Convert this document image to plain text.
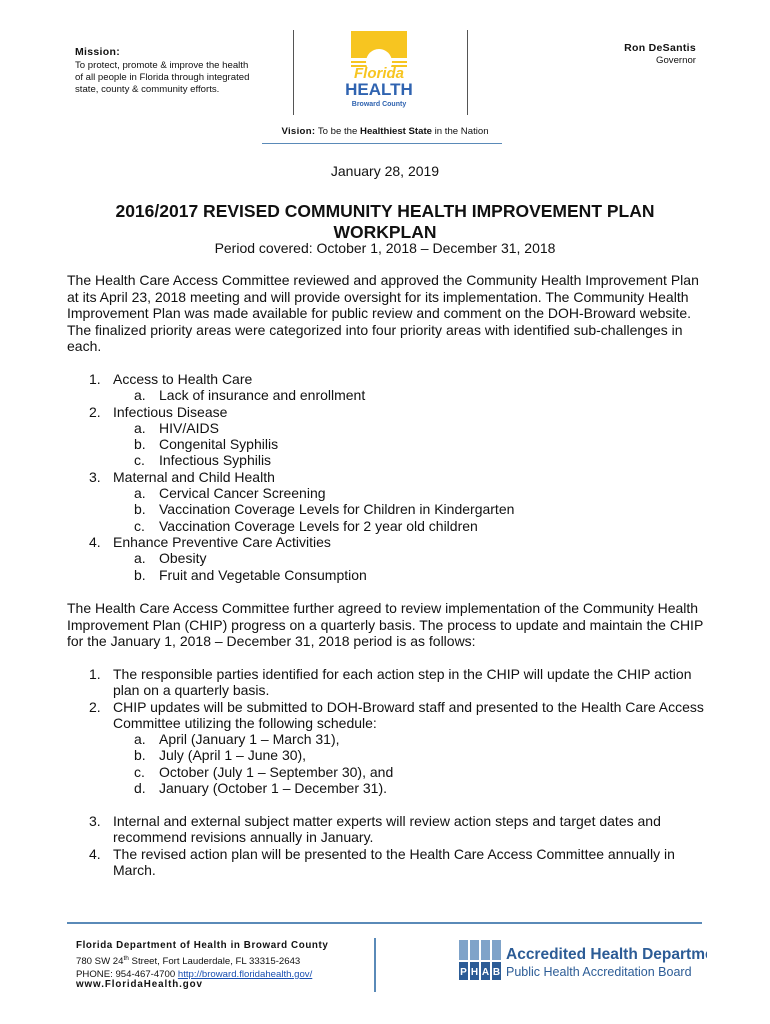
Mission:
To protect, promote & improve the health of all people in Florida through integrated state, county & community efforts.
Florida
HEALTH
Broward County
Ron DeSantis
Governor
Vision: To be the Healthiest State in the Nation
January 28, 2019
2016/2017 REVISED COMMUNITY HEALTH IMPROVEMENT PLAN
WORKPLAN
Period covered: October 1, 2018 – December 31, 2018
The Health Care Access Committee reviewed and approved the Community Health Improvement Plan
at its April 23, 2018 meeting and will provide oversight for its implementation. The Community Health
Improvement Plan was made available for public review and comment on the DOH-Broward website.
The finalized priority areas were categorized into four priority areas with identified sub-challenges in
each.
1. Access to Health Care
a. Lack of insurance and enrollment
2. Infectious Disease
a. HIV/AIDS
b. Congenital Syphilis
c. Infectious Syphilis
3. Maternal and Child Health
a. Cervical Cancer Screening
b. Vaccination Coverage Levels for Children in Kindergarten
c. Vaccination Coverage Levels for 2 year old children
4. Enhance Preventive Care Activities
a. Obesity
b. Fruit and Vegetable Consumption
The Health Care Access Committee further agreed to review implementation of the Community Health
Improvement Plan (CHIP) progress on a quarterly basis. The process to update and maintain the CHIP
for the January 1, 2018 – December 31, 2018 period is as follows:
1. The responsible parties identified for each action step in the CHIP will update the CHIP action
plan on a quarterly basis.
2. CHIP updates will be submitted to DOH-Broward staff and presented to the Health Care Access
Committee utilizing the following schedule:
a. April (January 1 – March 31),
b. July (April 1 – June 30),
c. October (July 1 – September 30), and
d. January (October 1 – December 31).
3. Internal and external subject matter experts will review action steps and target dates and
recommend revisions annually in January.
4. The revised action plan will be presented to the Health Care Access Committee annually in
March.
Florida Department of Health in Broward County
780 SW 24th Street, Fort Lauderdale, FL 33315-2643
PHONE: 954-467-4700 http://broward.floridahealth.gov/
www.FloridaHealth.gov
P H A B
Accredited Health Department
Public Health Accreditation Board
